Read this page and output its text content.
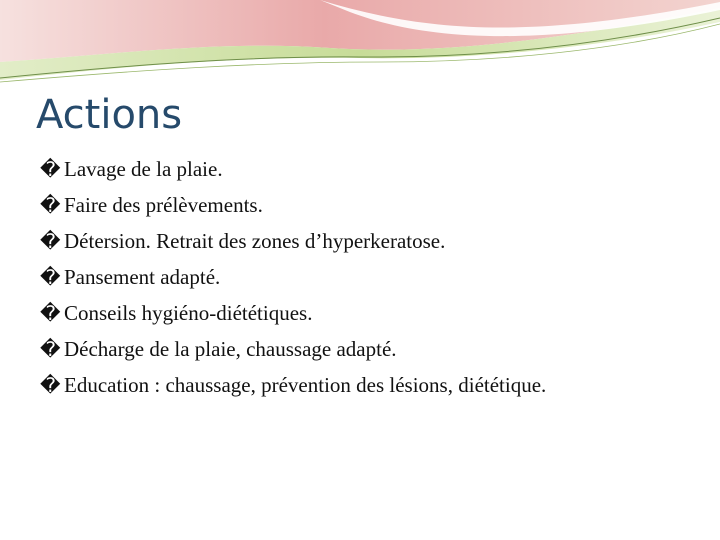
Actions
� Lavage de la plaie.
� Faire des prélèvements.
� Détersion. Retrait des zones d’hyperkeratose.
� Pansement adapté.
� Conseils hygiéno-diététiques.
� Décharge de la plaie, chaussage adapté.
� Education : chaussage, prévention des lésions, diététique.
